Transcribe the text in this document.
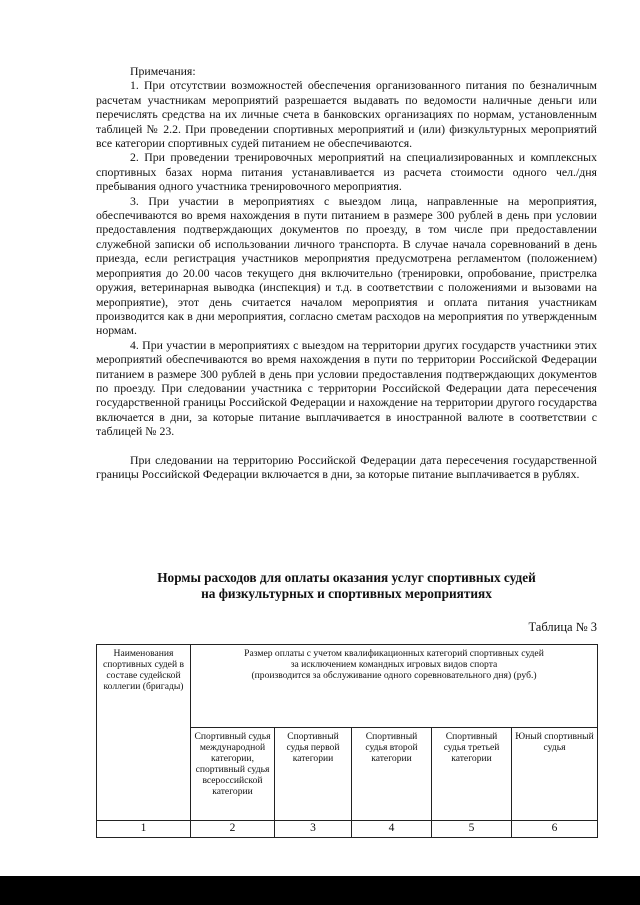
Примечания:

1. При отсутствии возможностей обеспечения организованного питания по безналичным расчетам участникам мероприятий разрешается выдавать по ведомости наличные деньги или перечислять средства на их личные счета в банковских организациях по нормам, установленным таблицей № 2.2. При проведении спортивных мероприятий и (или) физкультурных мероприятий все категории спортивных судей питанием не обеспечиваются.

2. При проведении тренировочных мероприятий на специализированных и комплексных спортивных базах норма питания устанавливается из расчета стоимости одного чел./дня пребывания одного участника тренировочного мероприятия.

3. При участии в мероприятиях с выездом лица, направленные на мероприятия, обеспечиваются во время нахождения в пути питанием в размере 300 рублей в день при условии предоставления подтверждающих документов по проезду, в том числе при предоставлении служебной записки об использовании личного транспорта. В случае начала соревнований в день приезда, если регистрация участников мероприятия предусмотрена регламентом (положением) мероприятия до 20.00 часов текущего дня включительно (тренировки, опробование, пристрелка оружия, ветеринарная выводка (инспекция) и т.д. в соответствии с положениями и вызовами на мероприятие), этот день считается началом мероприятия и оплата питания участникам производится как в дни мероприятия, согласно сметам расходов на мероприятия по утвержденным нормам.

4. При участии в мероприятиях с выездом на территории других государств участники этих мероприятий обеспечиваются во время нахождения в пути по территории Российской Федерации питанием в размере 300 рублей в день при условии предоставления подтверждающих документов по проезду. При следовании участника с территории Российской Федерации дата пересечения государственной границы Российской Федерации и нахождение на территории другого государства включается в дни, за которые питание выплачивается в иностранной валюте в соответствии с таблицей № 23.

При следовании на территорию Российской Федерации дата пересечения государственной границы Российской Федерации включается в дни, за которые питание выплачивается в рублях.

Нормы расходов для оплаты оказания услуг спортивных судей
на физкультурных и спортивных мероприятиях
Таблица № 3
Наименования спортивных судей в составе судейской коллегии (бригады)	Размер оплаты с учетом квалификационных категорий спортивных судей
за исключением командных игровых видов спорта
(производится за обслуживание одного соревновательного дня) (руб.)				

	Спортивный судья международной категории, спортивный судья всероссийской категории	Спортивный судья первой категории	Спортивный судья второй категории	Спортивный судья третьей категории	Юный спортивный судья
1	2	3	4	5	6
